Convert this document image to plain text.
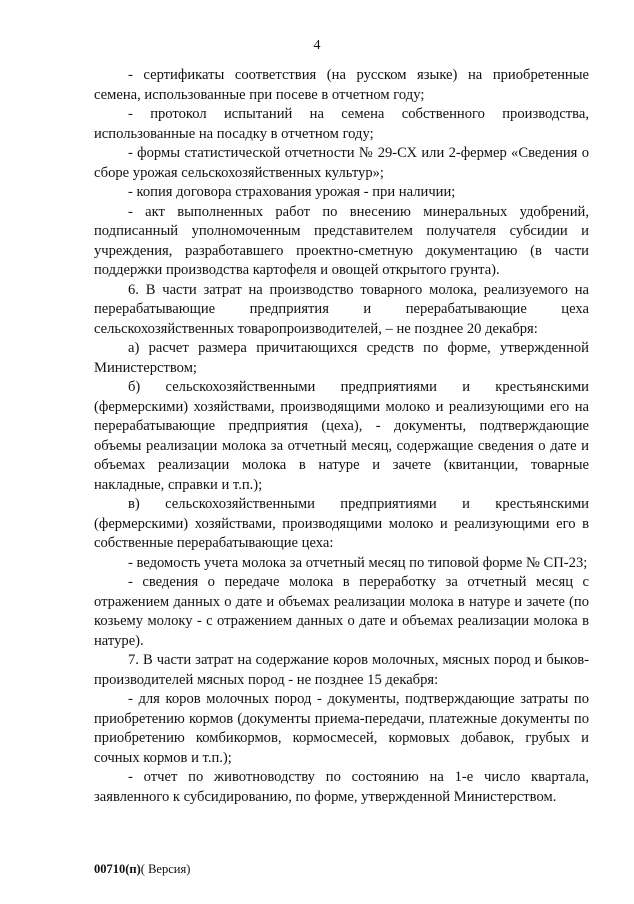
4

- сертификаты соответствия (на русском языке) на приобретенные семена, использованные при посеве в отчетном году;

- протокол испытаний на семена собственного производства, использованные на посадку в отчетном году;

- формы статистической отчетности № 29-СХ или 2-фермер «Сведения о сборе урожая сельскохозяйственных культур»;

- копия договора страхования урожая - при наличии;

- акт выполненных работ по внесению минеральных удобрений, подписанный уполномоченным представителем получателя субсидии и учреждения, разработавшего проектно-сметную документацию (в части поддержки производства картофеля и овощей открытого грунта).

6. В части затрат на производство товарного молока, реализуемого на перерабатывающие предприятия и перерабатывающие цеха сельскохозяйственных товаропроизводителей, – не позднее 20 декабря:

а) расчет размера причитающихся средств по форме, утвержденной Министерством;

б) сельскохозяйственными предприятиями и крестьянскими (фермерскими) хозяйствами, производящими молоко и реализующими его на перерабатывающие предприятия (цеха), - документы, подтверждающие объемы реализации молока за отчетный месяц, содержащие сведения о дате и объемах реализации молока в натуре и зачете (квитанции, товарные накладные, справки и т.п.);

в) сельскохозяйственными предприятиями и крестьянскими (фермерскими) хозяйствами, производящими молоко и реализующими его в собственные перерабатывающие цеха:

- ведомость учета молока за отчетный месяц по типовой форме № СП-23;

- сведения о передаче молока в переработку за отчетный месяц с отражением данных о дате и объемах реализации молока в натуре и зачете (по козьему молоку - с отражением данных о дате и объемах реализации молока в натуре).

7. В части затрат на содержание коров молочных, мясных пород и быков-производителей мясных пород - не позднее 15 декабря:

- для коров молочных пород - документы, подтверждающие затраты по приобретению кормов (документы приема-передачи, платежные документы по приобретению комбикормов, кормосмесей, кормовых добавок, грубых и сочных кормов и т.п.);

- отчет по животноводству по состоянию на 1-е число квартала, заявленного к субсидированию, по форме, утвержденной Министерством.

00710(п)( Версия)
